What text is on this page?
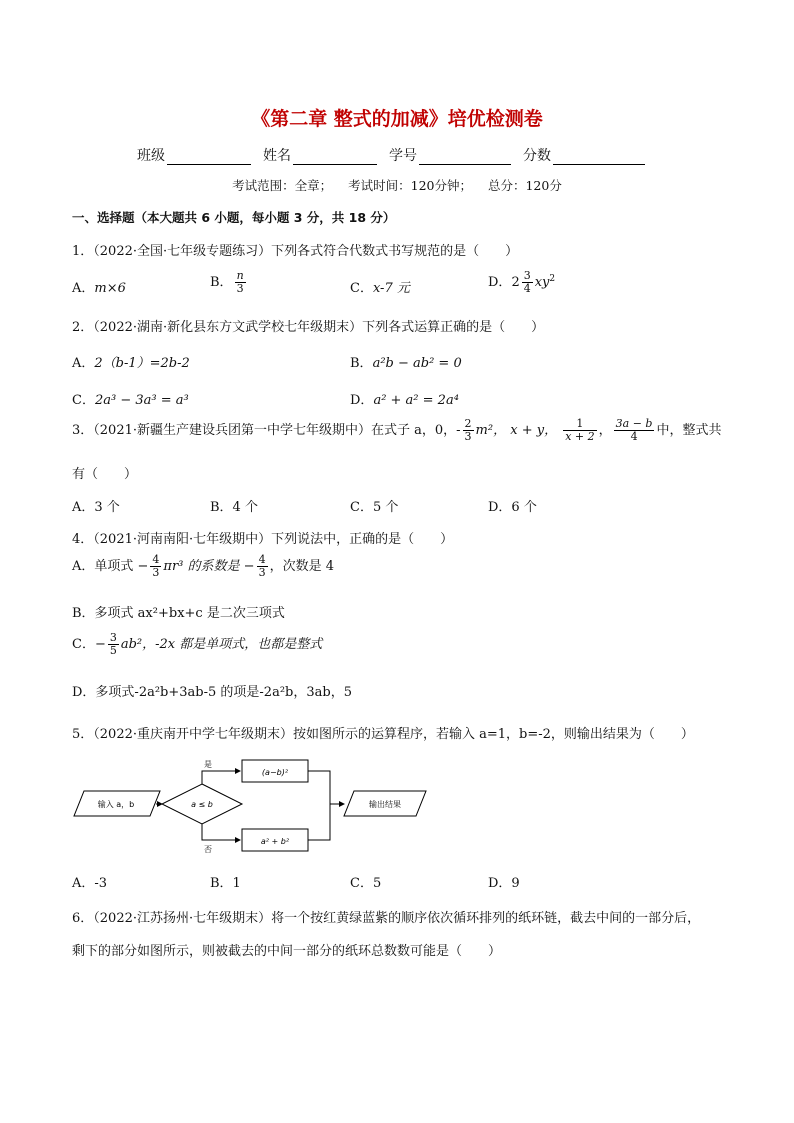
《第二章 整式的加减》培优检测卷
班级	姓名	学号	分数
考试范围：全章； 考试时间：120分钟； 总分：120分
一、选择题（本大题共 6 小题，每小题 3 分，共 18 分）
1．（2022·全国·七年级专题练习）下列各式符合代数式书写规范的是（　　）
A．m×6	B． $\frac{n}{3}$	C．x-7 元	D．$2 \frac{3}{4} xy^2$
2．（2022·湖南·新化县东方文武学校七年级期末）下列各式运算正确的是（　　）
A．2（b-1）=2b-2	B．a²b − ab² = 0
C．2a³ − 3a³ = a³	D．a² + a² = 2a⁴
3．（2021·新疆生产建设兵团第一中学七年级期中）在式子 a，0，- $\frac{2}{3} m^2$， x + y， $\frac{1}{x + 2}$ ， $\frac{3a - b}{4}$ 中，整式共
有（　　）
A．3 个	B．4 个	C．5 个	D．6 个
4．（2021·河南南阳·七年级期中）下列说法中，正确的是（　　）
A．单项式 − $\frac{4}{3} \pi r^3$ 的系数是 − $\frac{4}{3}$ ，次数是 4
B．多项式 ax²+bx+c 是二次三项式
C．− $\frac{3}{5} ab^2$，-2x 都是单项式，也都是整式
D．多项式-2a²b+3ab-5 的项是-2a²b，3ab，5
5．（2022·重庆南开中学七年级期末）按如图所示的运算程序，若输入 a=1，b=-2，则输出结果为（　　）
输入 a，b	a ≤ b
是
否
(a−b)²
a² + b²
输出结果
A．-3	B．1	C．5	D．9
6．（2022·江苏扬州·七年级期末）将一个按红黄绿蓝紫的顺序依次循环排列的纸环链，截去中间的一部分后，
剩下的部分如图所示，则被截去的中间一部分的纸环总数数可能是（　　）
